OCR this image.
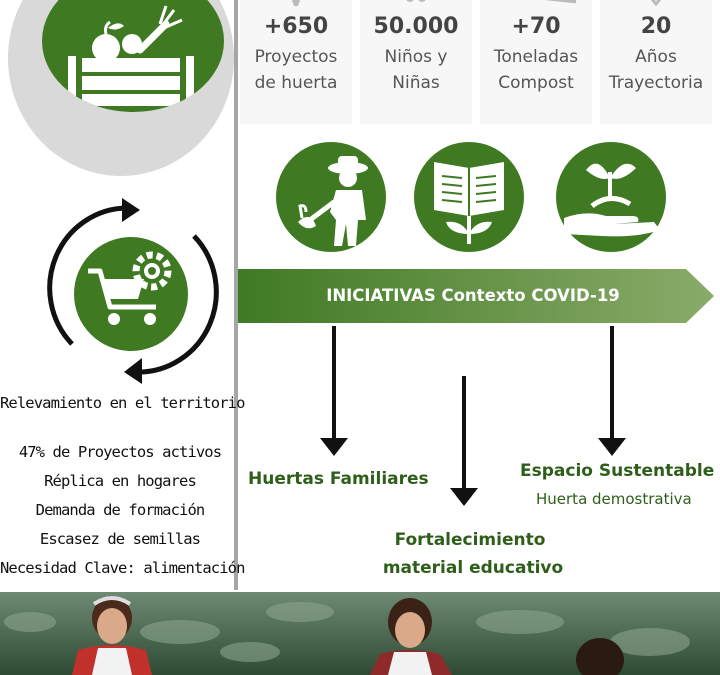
Relevamiento en el territorio
47% de Proyectos activos
Réplica en hogares
Demanda de formación
Escasez de semillas
Necesidad Clave: alimentación
+650
Proyectos
de huerta
50.000
Niños y
Niñas
+70
Toneladas
Compost
20
Años
Trayectoria
INICIATIVAS Contexto COVID-19
Huertas Familiares	Espacio Sustentable
Huerta demostrativa
Fortalecimiento
material educativo
